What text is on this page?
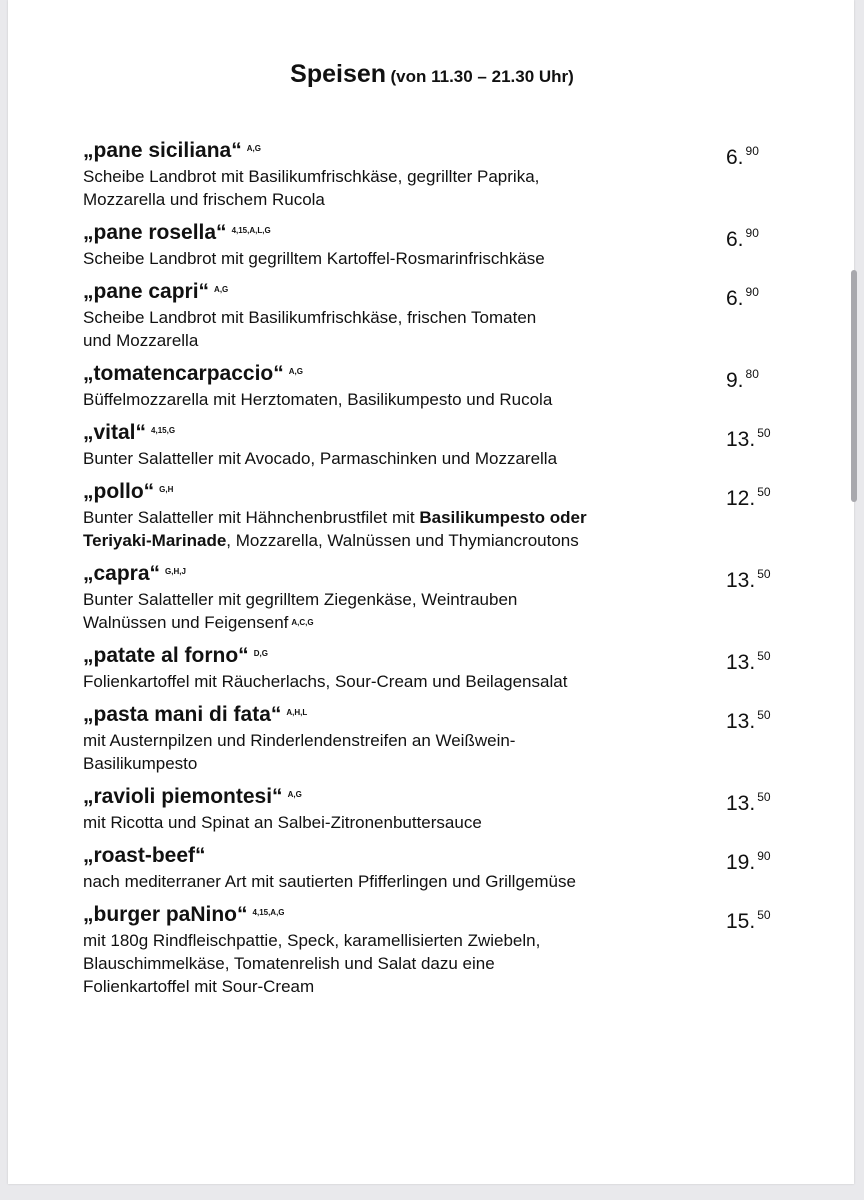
Speisen (von 11.30 – 21.30 Uhr)
„pane siciliana“ $^{A,G}$	6. $^{90}$
Scheibe Landbrot mit Basilikumfrischkäse, gegrillter Paprika,
Mozzarella und frischem Rucola
„pane rosella“ $^{4,15,A,L,G}$	6. $^{90}$
Scheibe Landbrot mit gegrilltem Kartoffel-Rosmarinfrischkäse
„pane capri“ $^{A,G}$	6. $^{90}$
Scheibe Landbrot mit Basilikumfrischkäse, frischen Tomaten
und Mozzarella
„tomatencarpaccio“ $^{A,G}$	9. $^{80}$
Büffelmozzarella mit Herztomaten, Basilikumpesto und Rucola
„vital“ $^{4,15,G}$	13. $^{50}$
Bunter Salatteller mit Avocado, Parmaschinken und Mozzarella
„pollo“ $^{G,H}$	12. $^{50}$
Bunter Salatteller mit Hähnchenbrustfilet mit Basilikumpesto oder
Teriyaki-Marinade, Mozzarella, Walnüssen und Thymiancroutons
„capra“ $^{G,H,J}$	13. $^{50}$
Bunter Salatteller mit gegrilltem Ziegenkäse, Weintrauben
Walnüssen und Feigensenf A,C,G
„patate al forno“ $^{D,G}$	13. $^{50}$
Folienkartoffel mit Räucherlachs, Sour-Cream und Beilagensalat
„pasta mani di fata“ $^{A,H,L}$	13. $^{50}$
mit Austernpilzen und Rinderlendenstreifen an Weißwein-
Basilikumpesto
„ravioli piemontesi“ $^{A,G}$	13. $^{50}$
mit Ricotta und Spinat an Salbei-Zitronenbuttersauce
„roast-beef“	19. $^{90}$
nach mediterraner Art mit sautierten Pfifferlingen und Grillgemüse
„burger paNino“ $^{4,15,A,G}$	15. $^{50}$
mit 180g Rindfleischpattie, Speck, karamellisierten Zwiebeln,
Blauschimmelkäse, Tomatenrelish und Salat dazu eine
Folienkartoffel mit Sour-Cream
